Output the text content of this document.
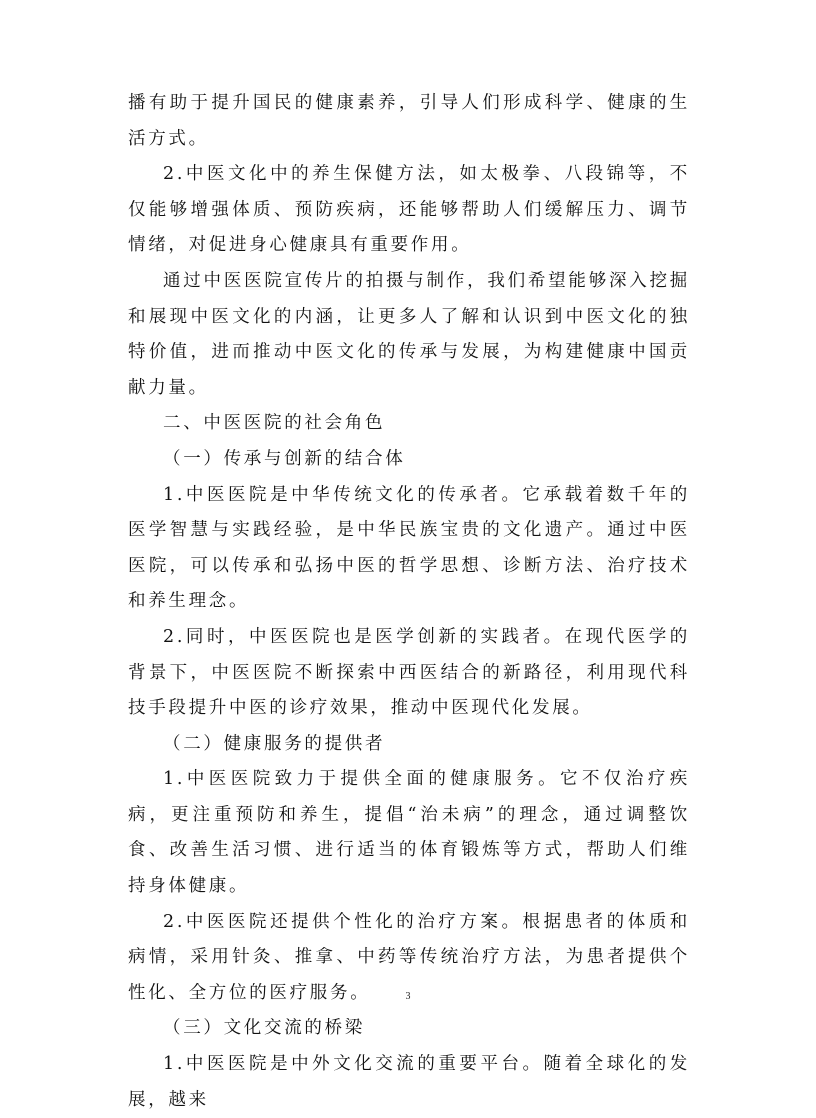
播有助于提升国民的健康素养，引导人们形成科学、健康的生活方式。

2.中医文化中的养生保健方法，如太极拳、八段锦等，不仅能够增强体质、预防疾病，还能够帮助人们缓解压力、调节情绪，对促进身心健康具有重要作用。

通过中医医院宣传片的拍摄与制作，我们希望能够深入挖掘和展现中医文化的内涵，让更多人了解和认识到中医文化的独特价值，进而推动中医文化的传承与发展，为构建健康中国贡献力量。

二、中医医院的社会角色

（一）传承与创新的结合体

1.中医医院是中华传统文化的传承者。它承载着数千年的医学智慧与实践经验，是中华民族宝贵的文化遗产。通过中医医院，可以传承和弘扬中医的哲学思想、诊断方法、治疗技术和养生理念。

2.同时，中医医院也是医学创新的实践者。在现代医学的背景下，中医医院不断探索中西医结合的新路径，利用现代科技手段提升中医的诊疗效果，推动中医现代化发展。

（二）健康服务的提供者

1.中医医院致力于提供全面的健康服务。它不仅治疗疾病，更注重预防和养生，提倡“治未病”的理念，通过调整饮食、改善生活习惯、进行适当的体育锻炼等方式，帮助人们维持身体健康。

2.中医医院还提供个性化的治疗方案。根据患者的体质和病情，采用针灸、推拿、中药等传统治疗方法，为患者提供个性化、全方位的医疗服务。

（三）文化交流的桥梁

1.中医医院是中外文化交流的重要平台。随着全球化的发展，越来

3
